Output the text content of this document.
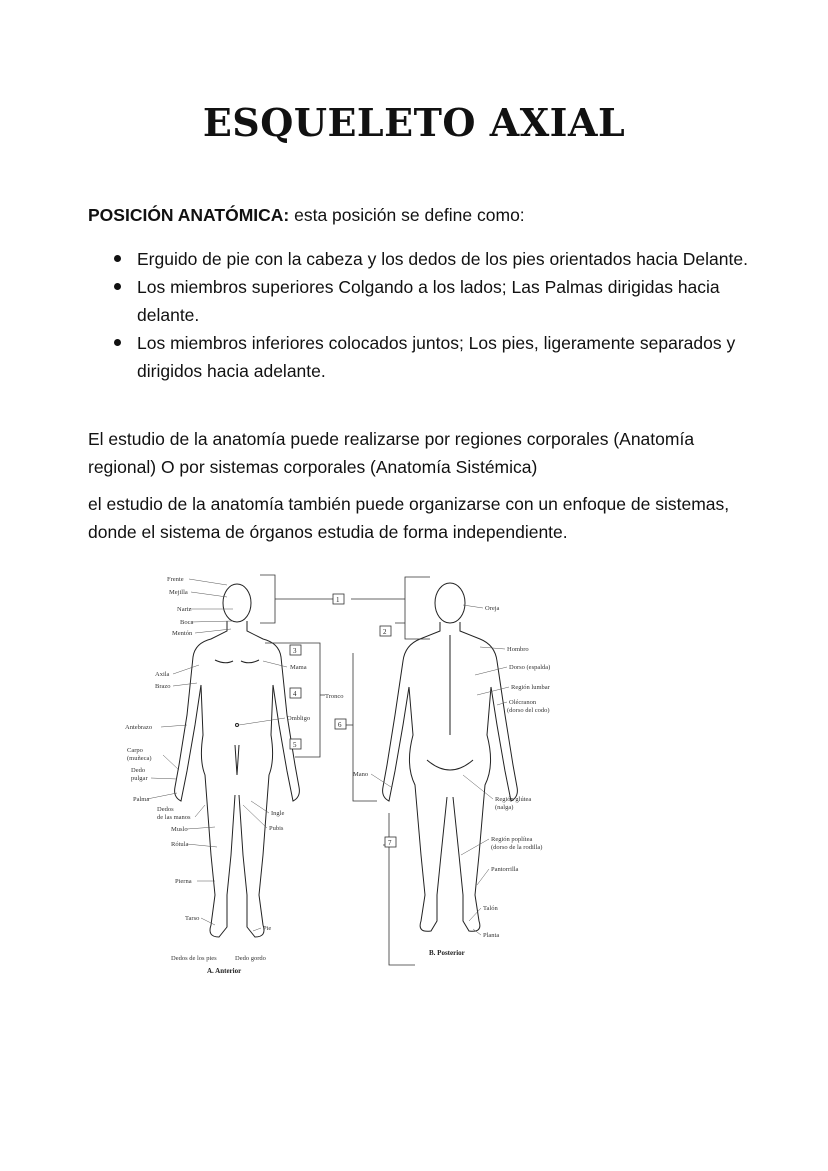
ESQUELETO AXIAL
POSICIÓN ANATÓMICA: esta posición se define como:
Erguido de pie con la cabeza y los dedos de los pies orientados hacia Delante.
Los miembros superiores Colgando a los lados; Las Palmas dirigidas hacia delante.
Los miembros inferiores colocados juntos; Los pies, ligeramente separados y dirigidos hacia adelante.

El estudio de la anatomía puede realizarse por regiones corporales (Anatomía regional) O por sistemas corporales (Anatomía Sistémica)

el estudio de la anatomía también puede organizarse con un enfoque de sistemas, donde el sistema de órganos estudia de forma independiente.

1
2
3
4
6
5
7
Frente
Mejilla
Nariz
Boca
Mentón
Axila
Brazo
Antebrazo
Carpo
(muñeca)
Dedo
pulgar
Palma
Dedos
de las manos
Muslo
Rótula
Pierna
Tarso
Dedos de los pies	Dedo gordo
Mama
Tronco
Ombligo
Ingle
Pubis
Pie
A. Anterior
Oreja
Hombro
Dorso (espalda)
Región lumbar
Olécranon
(dorso del codo)
Mano
Región glútea
(nalga)
Región poplítea
(dorso de la rodilla)
Pantorrilla
Talón
Planta
B. Posterior
